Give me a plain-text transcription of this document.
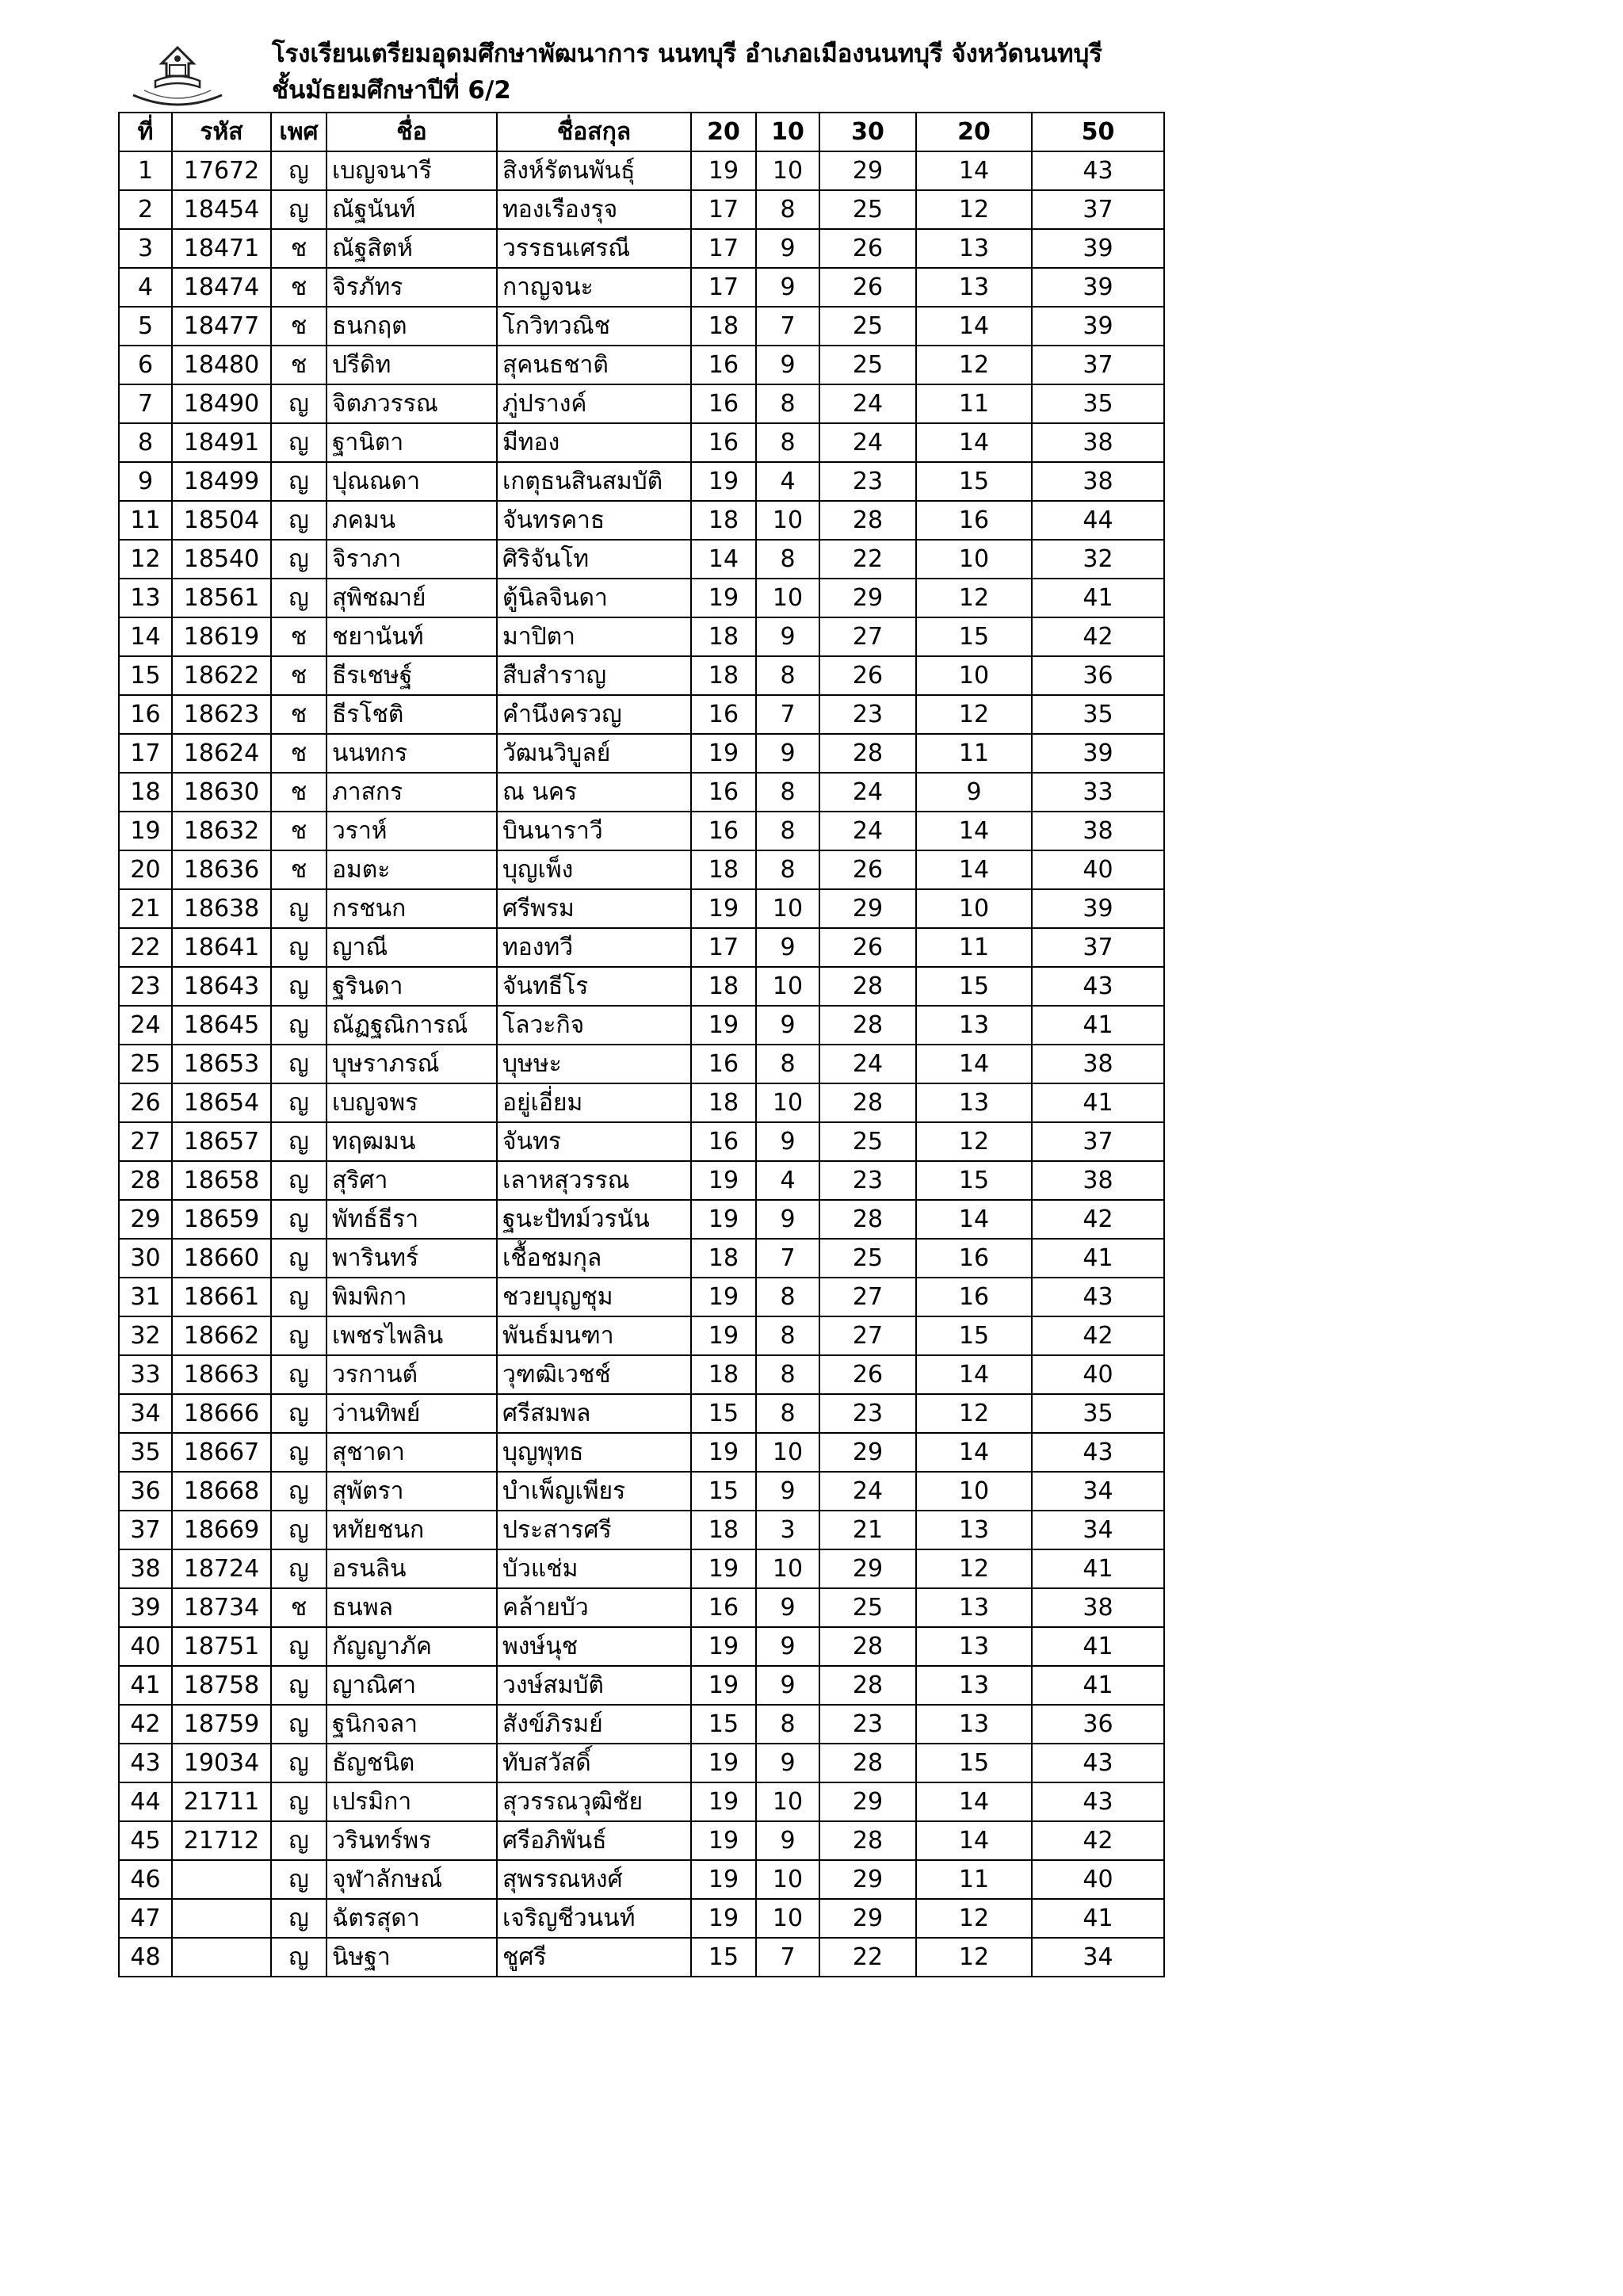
โรงเรียนเตรียมอุดมศึกษาพัฒนาการ นนทบุรี อำเภอเมืองนนทบุรี จังหวัดนนทบุรี
ชั้นมัธยมศึกษาปีที่ 6/2
ที่	รหัส	เพศ	ชื่อ	ชื่อสกุล	20	10	30	20	50
1	17672	ญ	เบญจนารี	สิงห์รัตนพันธุ์	19	10	29	14	43
2	18454	ญ	ณัฐนันท์	ทองเรืองรุจ	17	8	25	12	37
3	18471	ช	ณัฐสิตห์	วรรธนเศรณี	17	9	26	13	39
4	18474	ช	จิรภัทร	กาญจนะ	17	9	26	13	39
5	18477	ช	ธนกฤต	โกวิทวณิช	18	7	25	14	39
6	18480	ช	ปรีดิท	สุคนธชาติ	16	9	25	12	37
7	18490	ญ	จิตภวรรณ	ภู่ปรางค์	16	8	24	11	35
8	18491	ญ	ฐานิตา	มีทอง	16	8	24	14	38
9	18499	ญ	ปุณณดา	เกตุธนสินสมบัติ	19	4	23	15	38
11	18504	ญ	ภคมน	จันทรคาธ	18	10	28	16	44
12	18540	ญ	จิราภา	ศิริจันโท	14	8	22	10	32
13	18561	ญ	สุพิชฌาย์	ตู้นิลจินดา	19	10	29	12	41
14	18619	ช	ชยานันท์	มาปิตา	18	9	27	15	42
15	18622	ช	ธีรเชษฐ์	สืบสำราญ	18	8	26	10	36
16	18623	ช	ธีรโชติ	คำนึงครวญ	16	7	23	12	35
17	18624	ช	นนทกร	วัฒนวิบูลย์	19	9	28	11	39
18	18630	ช	ภาสกร	ณ นคร	16	8	24	9	33
19	18632	ช	วราห์	บินนาราวี	16	8	24	14	38
20	18636	ช	อมตะ	บุญเพ็ง	18	8	26	14	40
21	18638	ญ	กรชนก	ศรีพรม	19	10	29	10	39
22	18641	ญ	ญาณี	ทองทวี	17	9	26	11	37
23	18643	ญ	ฐรินดา	จันทธีโร	18	10	28	15	43
24	18645	ญ	ณัฏฐณิการณ์	โลวะกิจ	19	9	28	13	41
25	18653	ญ	บุษราภรณ์	บุษษะ	16	8	24	14	38
26	18654	ญ	เบญจพร	อยู่เอี่ยม	18	10	28	13	41
27	18657	ญ	ทฤฒมน	จันทร	16	9	25	12	37
28	18658	ญ	สุริศา	เลาหสุวรรณ	19	4	23	15	38
29	18659	ญ	พัทธ์ธีรา	ฐนะปัทม์วรนัน	19	9	28	14	42
30	18660	ญ	พารินทร์	เชื้อชมกุล	18	7	25	16	41
31	18661	ญ	พิมพิกา	ชวยบุญชุม	19	8	27	16	43
32	18662	ญ	เพชรไพลิน	พันธ์มนฑา	19	8	27	15	42
33	18663	ญ	วรกานต์	วุฑฒิเวชช์	18	8	26	14	40
34	18666	ญ	ว่านทิพย์	ศรีสมพล	15	8	23	12	35
35	18667	ญ	สุชาดา	บุญพุทธ	19	10	29	14	43
36	18668	ญ	สุพัตรา	บำเพ็ญเพียร	15	9	24	10	34
37	18669	ญ	หทัยชนก	ประสารศรี	18	3	21	13	34
38	18724	ญ	อรนลิน	บัวแช่ม	19	10	29	12	41
39	18734	ช	ธนพล	คล้ายบัว	16	9	25	13	38
40	18751	ญ	กัญญาภัค	พงษ์นุช	19	9	28	13	41
41	18758	ญ	ญาณิศา	วงษ์สมบัติ	19	9	28	13	41
42	18759	ญ	ฐนิกจลา	สังข์ภิรมย์	15	8	23	13	36
43	19034	ญ	ธัญชนิต	ทับสวัสดิ์	19	9	28	15	43
44	21711	ญ	เปรมิกา	สุวรรณวุฒิชัย	19	10	29	14	43
45	21712	ญ	วรินทร์พร	ศรีอภิพันธ์	19	9	28	14	42
46		ญ	จุฬาลักษณ์	สุพรรณหงศ์	19	10	29	11	40
47		ญ	ฉัตรสุดา	เจริญชีวนนท์	19	10	29	12	41
48		ญ	นิษฐา	ชูศรี	15	7	22	12	34
